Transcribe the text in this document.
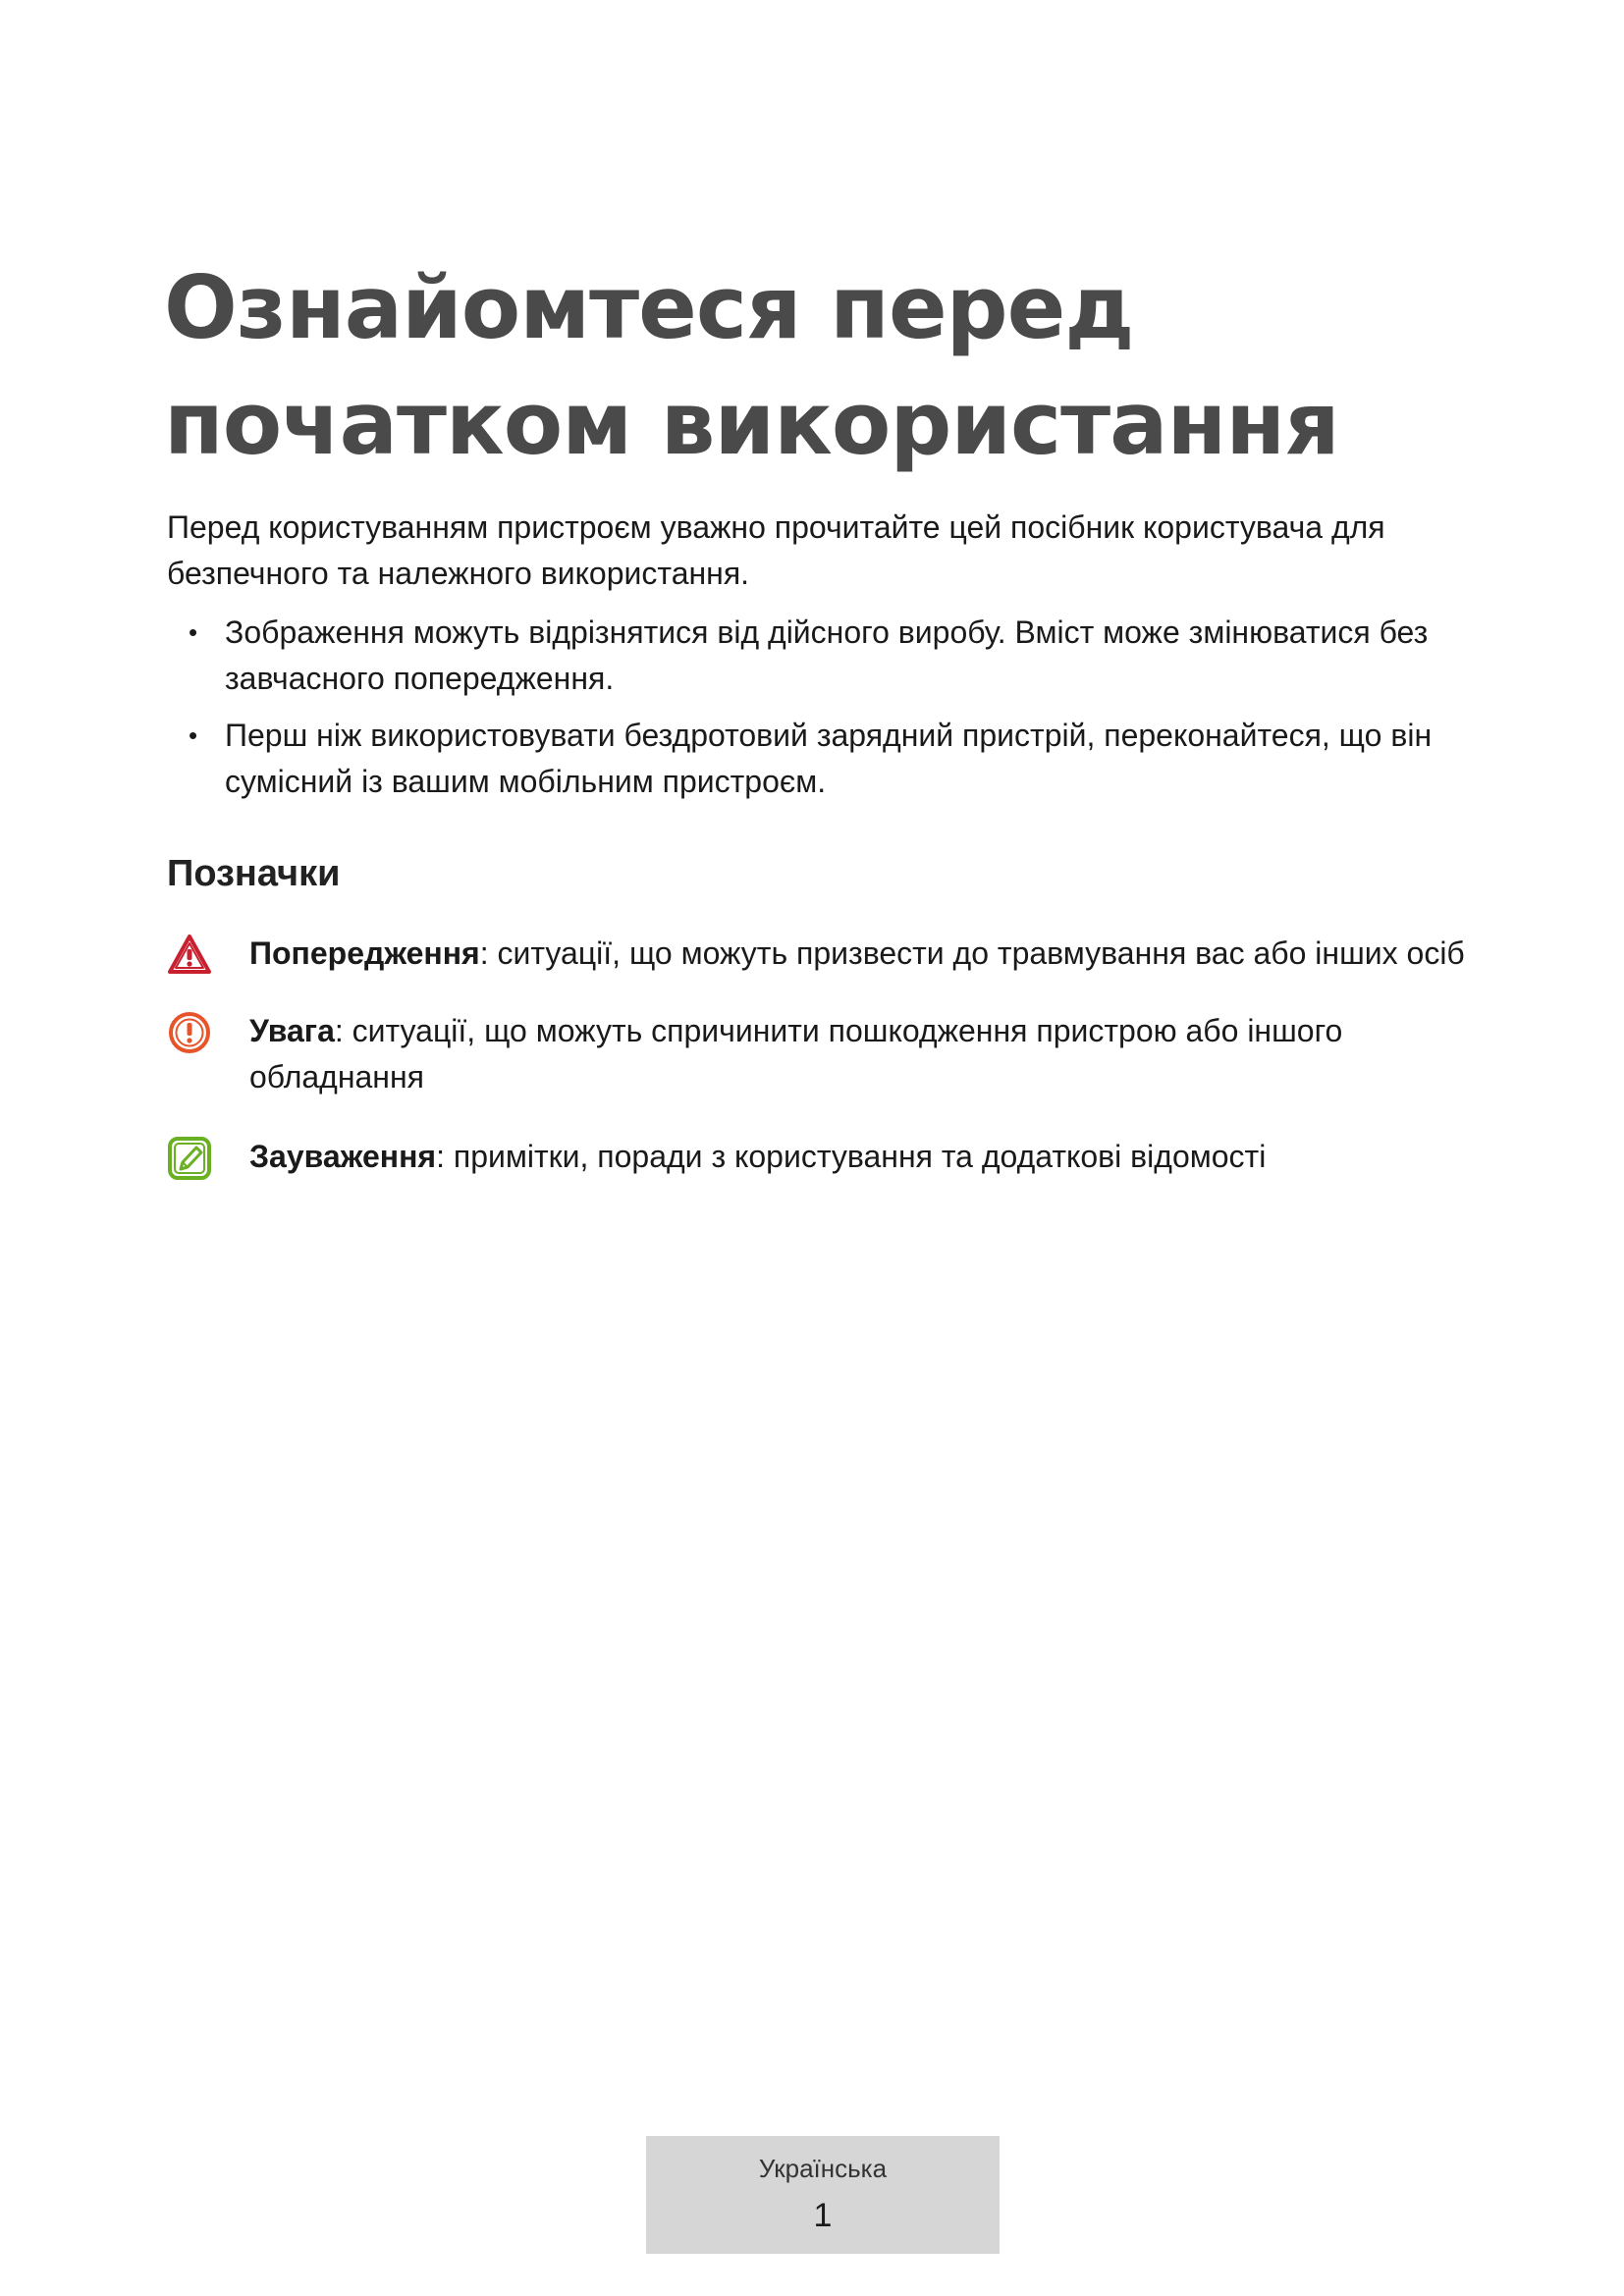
Ознайомтеся перед початком використання

Перед користуванням пристроєм уважно прочитайте цей посібник користувача для безпечного та належного використання.

• Зображення можуть відрізнятися від дійсного виробу. Вміст може змінюватися без завчасного попередження.
• Перш ніж використовувати бездротовий зарядний пристрій, переконайтеся, що він сумісний із вашим мобільним пристроєм.
Позначки
Попередження: ситуації, що можуть призвести до травмування вас або інших осіб
Увага: ситуації, що можуть спричинити пошкодження пристрою або іншого обладнання
Зауваження: примітки, поради з користування та додаткові відомості
Українська
1
